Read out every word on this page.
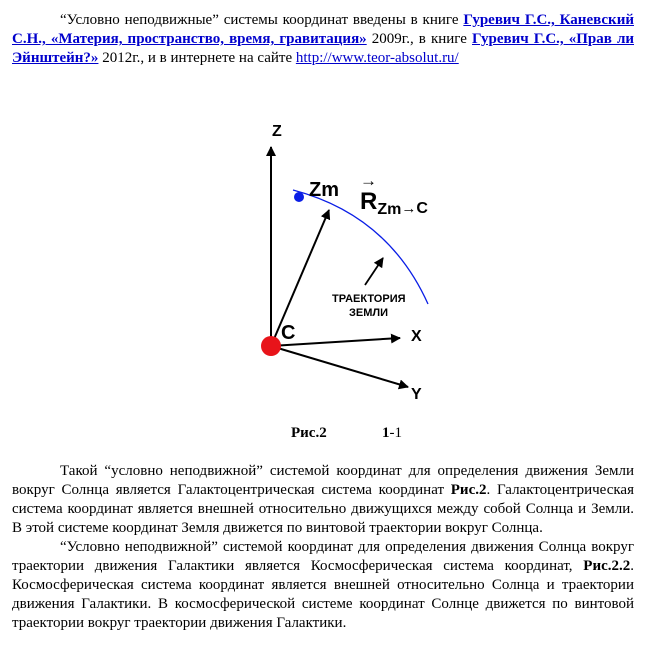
“Условно неподвижные” системы координат введены в книге Гуревич Г.С., Каневский С.Н., «Материя, пространство, время, гравитация» 2009г., в книге Гуревич Г.С., «Прав ли Эйнштейн?» 2012г., и в интернете на сайте http://www.teor-absolut.ru/
Z
X
Y
C
Zm →
$R_{Zm}\to C$
ТРАЕКТОРИЯ
ЗЕМЛИ
Рис.2	1-1
Такой “условно неподвижной” системой координат для определения движения Земли вокруг Солнца является Галактоцентрическая система координат Рис.2. Галактоцентрическая система координат является внешней относительно движущихся между собой Солнца и Земли. В этой системе координат Земля движется по винтовой траектории вокруг Солнца.
“Условно неподвижной” системой координат для определения движения Солнца вокруг траектории движения Галактики является Космосферическая система координат, Рис.2.2. Космосферическая система координат является внешней относительно Солнца и траектории движения Галактики. В космосферической системе координат Солнце движется по винтовой траектории вокруг траектории движения Галактики.
